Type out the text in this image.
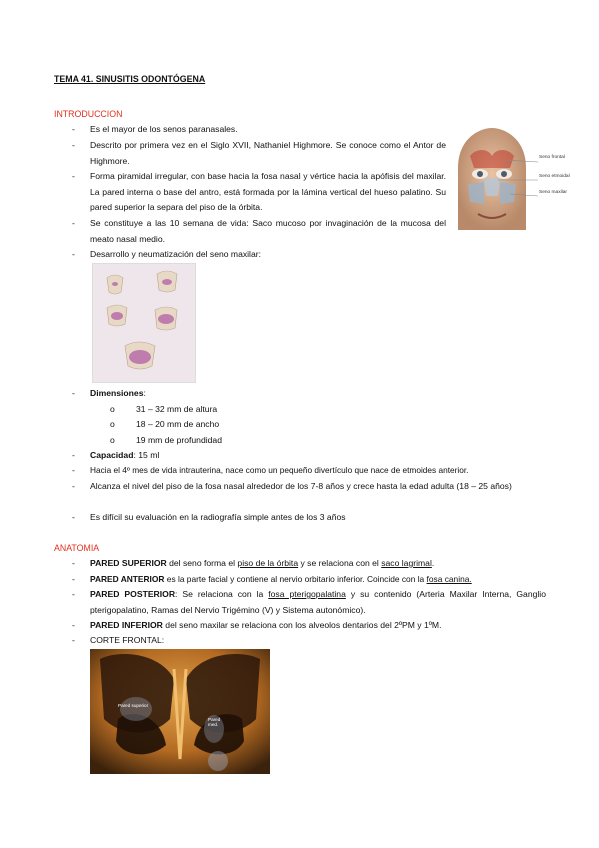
TEMA 41. SINUSITIS ODONTÓGENA
INTRODUCCION
-	Es el mayor de los senos paranasales.
-	Descrito por primera vez en el Siglo XVII, Nathaniel Highmore. Se conoce como el Antor de Highmore.
-	Forma piramidal irregular, con base hacia la fosa nasal y vértice hacia la apófisis del maxilar. La pared interna o base del antro, está formada por la lámina vertical del hueso palatino. Su pared superior la separa del piso de la órbita.
-	Se constituye a las 10 semana de vida: Saco mucoso por invaginación de la mucosa del meato nasal medio.
-	Desarrollo y neumatización del seno maxilar:
Seno frontal
Seno etmoidal
Seno maxilar
-	Dimensiones:
o 31 – 32 mm de altura
o 18 – 20 mm de ancho
o 19 mm de profundidad
-	Capacidad: 15 ml
-	Hacia el 4º mes de vida intrauterina, nace como un pequeño divertículo que nace de etmoides anterior.
-	Alcanza el nivel del piso de la fosa nasal alrededor de los 7-8 años y crece hasta la edad adulta (18 – 25 años)
-	Es difícil su evaluación en la radiografía simple antes de los 3 años
ANATOMIA
-	PARED SUPERIOR del seno forma el piso de la órbita y se relaciona con el saco lagrimal.
-	PARED ANTERIOR es la parte facial y contiene al nervio orbitario inferior. Coincide con la fosa canina.
-	PARED POSTERIOR: Se relaciona con la fosa pterigopalatina y su contenido (Arteria Maxilar Interna, Ganglio pterigopalatino, Ramas del Nervio Trigémino (V) y Sistema autonómico).
-	PARED INFERIOR del seno maxilar se relaciona con los alveolos dentarios del 2ºPM y 1ºM.
-	CORTE FRONTAL:
Pared superior
Pared med.
